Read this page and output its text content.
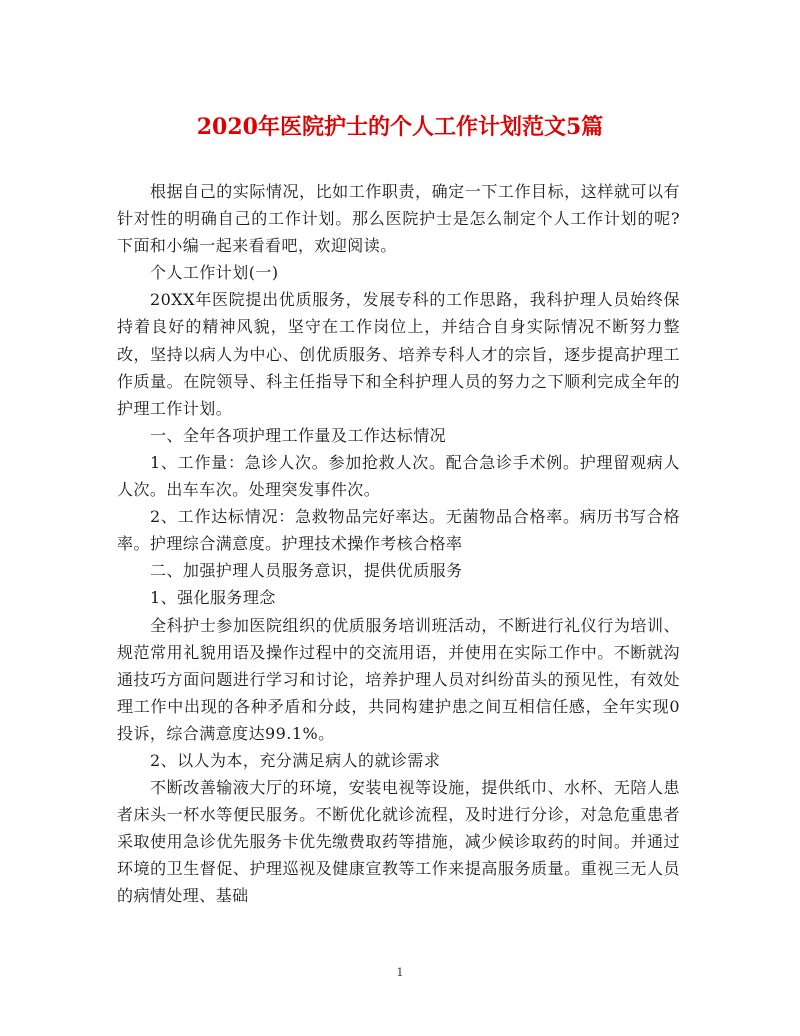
2020年医院护士的个人工作计划范文5篇

根据自己的实际情况，比如工作职责，确定一下工作目标，这样就可以有针对性的明确自己的工作计划。那么医院护士是怎么制定个人工作计划的呢?下面和小编一起来看看吧，欢迎阅读。

个人工作计划(一)

20XX年医院提出优质服务，发展专科的工作思路，我科护理人员始终保持着良好的精神风貌，坚守在工作岗位上，并结合自身实际情况不断努力整改，坚持以病人为中心、创优质服务、培养专科人才的宗旨，逐步提高护理工作质量。在院领导、科主任指导下和全科护理人员的努力之下顺利完成全年的护理工作计划。

一、全年各项护理工作量及工作达标情况

1、工作量：急诊人次。参加抢救人次。配合急诊手术例。护理留观病人人次。出车车次。处理突发事件次。

2、工作达标情况：急救物品完好率达。无菌物品合格率。病历书写合格率。护理综合满意度。护理技术操作考核合格率

二、加强护理人员服务意识，提供优质服务

1、强化服务理念

全科护士参加医院组织的优质服务培训班活动，不断进行礼仪行为培训、规范常用礼貌用语及操作过程中的交流用语，并使用在实际工作中。不断就沟通技巧方面问题进行学习和讨论，培养护理人员对纠纷苗头的预见性，有效处理工作中出现的各种矛盾和分歧，共同构建护患之间互相信任感，全年实现0投诉，综合满意度达99.1%。

2、以人为本，充分满足病人的就诊需求

不断改善输液大厅的环境，安装电视等设施，提供纸巾、水杯、无陪人患者床头一杯水等便民服务。不断优化就诊流程，及时进行分诊，对急危重患者采取使用急诊优先服务卡优先缴费取药等措施，减少候诊取药的时间。并通过环境的卫生督促、护理巡视及健康宣教等工作来提高服务质量。重视三无人员的病情处理、基础

1
